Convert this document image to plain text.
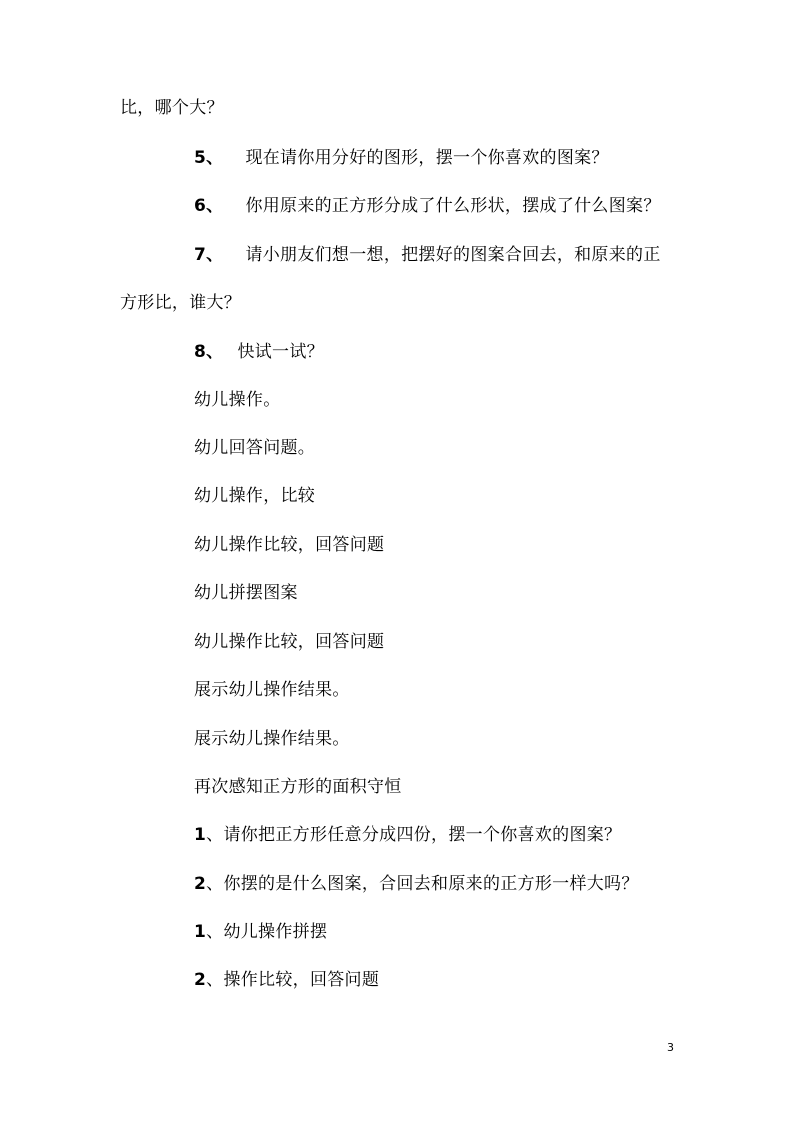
比，哪个大？
5、 现在请你用分好的图形，摆一个你喜欢的图案？
6、 你用原来的正方形分成了什么形状，摆成了什么图案？
7、 请小朋友们想一想，把摆好的图案合回去，和原来的正
方形比，谁大？
8、 快试一试？
幼儿操作。
幼儿回答问题。
幼儿操作，比较
幼儿操作比较，回答问题
幼儿拼摆图案
幼儿操作比较，回答问题
展示幼儿操作结果。
展示幼儿操作结果。
再次感知正方形的面积守恒
1、请你把正方形任意分成四份，摆一个你喜欢的图案？
2、你摆的是什么图案，合回去和原来的正方形一样大吗？
1、幼儿操作拼摆
2、操作比较，回答问题
3
